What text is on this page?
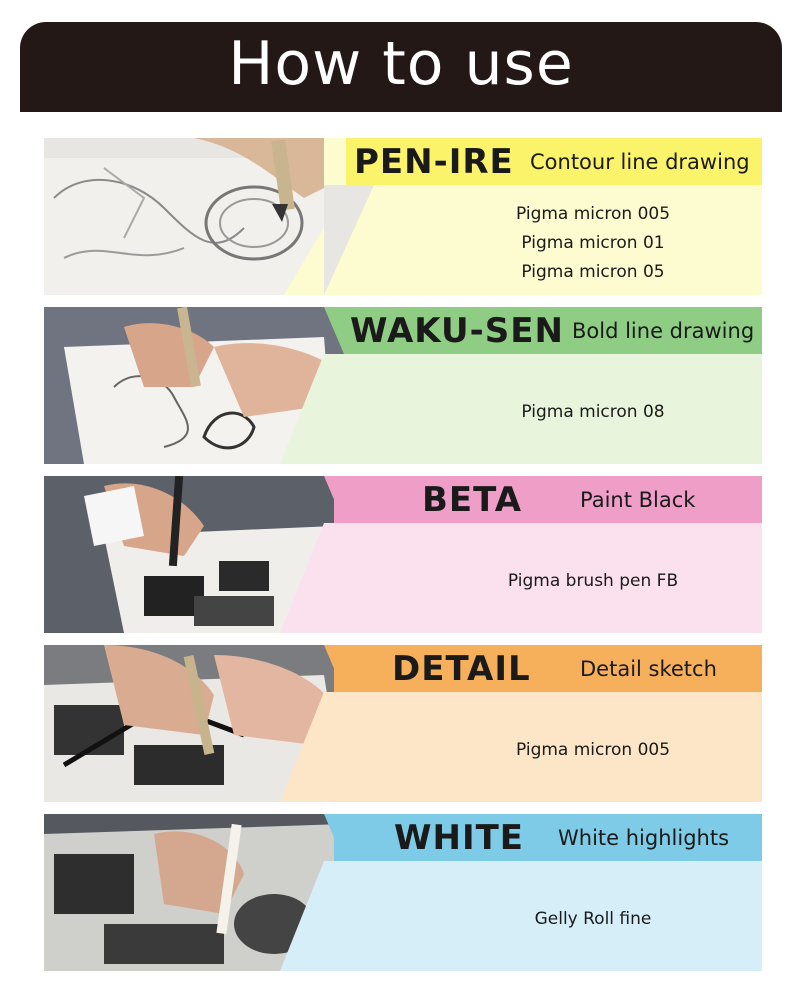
How to use
PEN-IRE Contour line drawing
Pigma micron 005
Pigma micron 01
Pigma micron 05
WAKU-SEN Bold line drawing
Pigma micron 08
BETA	Paint Black
Pigma brush pen FB
DETAIL Detail sketch
Pigma micron 005
WHITE White highlights
Gelly Roll fine
